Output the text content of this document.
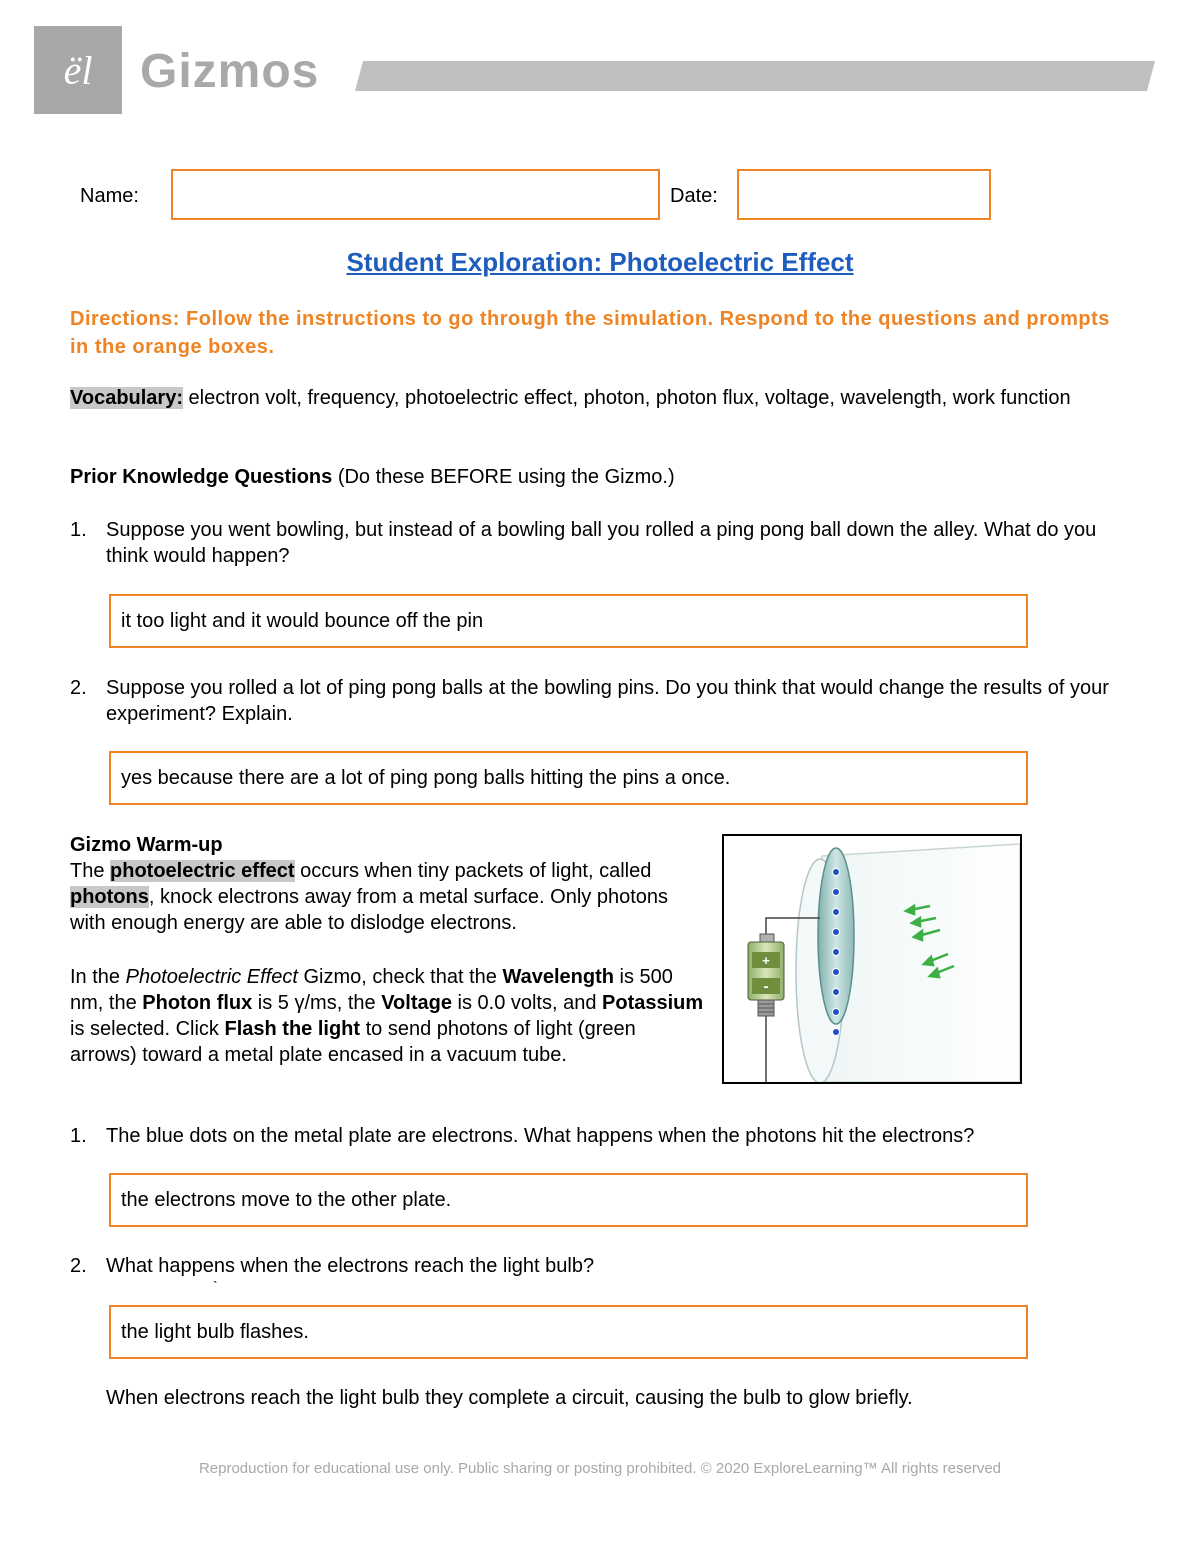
ël Gizmos
Name:	Date:
Student Exploration: Photoelectric Effect
Directions: Follow the instructions to go through the simulation. Respond to the questions and prompts in the orange boxes.
Vocabulary: electron volt, frequency, photoelectric effect, photon, photon flux, voltage, wavelength, work function
Prior Knowledge Questions (Do these BEFORE using the Gizmo.)
1. Suppose you went bowling, but instead of a bowling ball you rolled a ping pong ball down the alley. What do you think would happen?
it too light and it would bounce off the pin
2. Suppose you rolled a lot of ping pong balls at the bowling pins. Do you think that would change the results of your experiment? Explain.
yes because there are a lot of ping pong balls hitting the pins a once.
Gizmo Warm-up
The photoelectric effect occurs when tiny packets of light, called photons, knock electrons away from a metal surface. Only photons with enough energy are able to dislodge electrons.
In the Photoelectric Effect Gizmo, check that the Wavelength is 500 nm, the Photon flux is 5 γ/ms, the Voltage is 0.0 volts, and Potassium is selected. Click Flash the light to send photons of light (green arrows) toward a metal plate encased in a vacuum tube.
+
-
1. The blue dots on the metal plate are electrons. What happens when the photons hit the electrons?
the electrons move to the other plate.
2. What happens when the electrons reach the light bulb?
`
the light bulb flashes.
When electrons reach the light bulb they complete a circuit, causing the bulb to glow briefly.
Reproduction for educational use only. Public sharing or posting prohibited. © 2020 ExploreLearning™ All rights reserved
